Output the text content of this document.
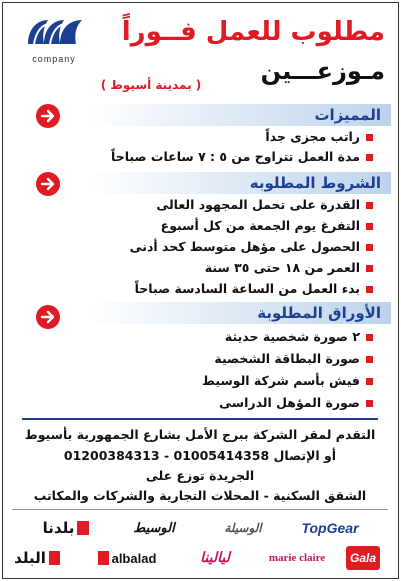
company
مطلوب للعمل فــوراً
مـوزعـــين
( بمدينة أسيوط )
المميزات
راتب مجزى جداً
مدة العمل تتراوح من ٥ : ٧ ساعات صباحاً
الشروط المطلوبه
القدرة على تحمل المجهود العالى
التفرغ يوم الجمعة من كل أسبوع
الحصول على مؤهل متوسط كحد أدنى
العمر من ١٨ حتى ٣٥ سنة
بدء العمل من الساعة السادسة صباحاً
الأوراق المطلوبة
٢ صورة شخصية حديثة
صورة البطاقة الشخصية
فيش بأسم شركة الوسيط
صورة المؤهل الدراسى
التقدم لمقر الشركة ببرج الأمل بشارع الجمهورية بأسيوط
أو الإتصال 01005414358 - 01200384313
الجريدة توزع على
الشقق السكنية - المحلات التجارية والشركات والمكاتب
بلدنا	الوسيط	الوسيلة	TopGear
البلد	albalad	ليالينا	marie claire Gala
